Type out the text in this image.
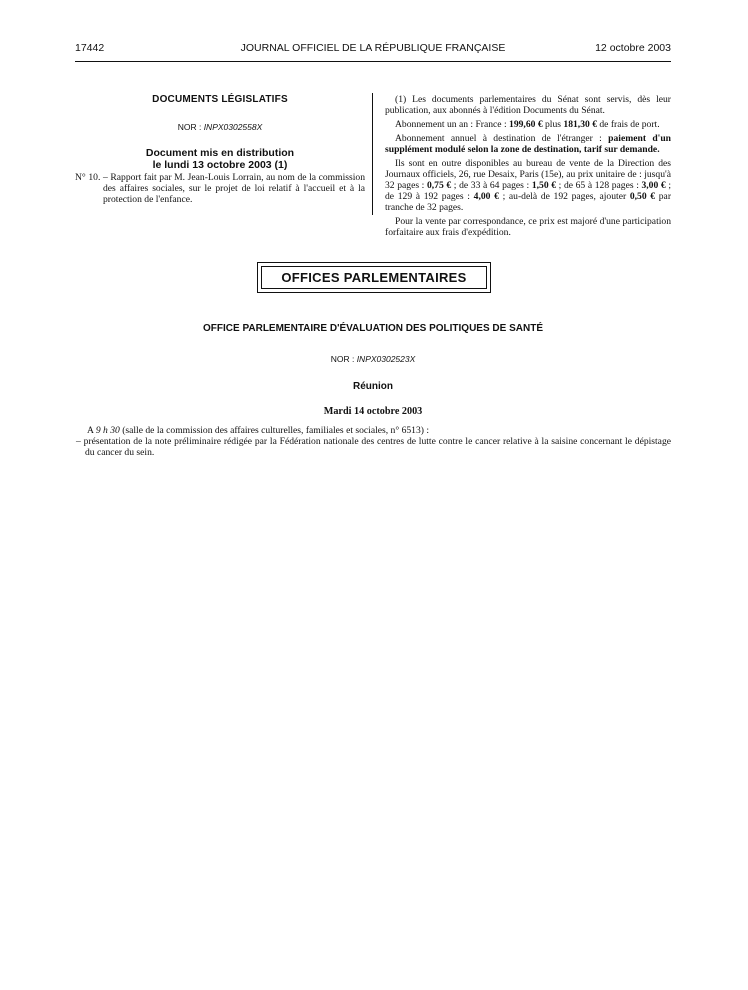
17442	JOURNAL OFFICIEL DE LA RÉPUBLIQUE FRANÇAISE	12 octobre 2003
DOCUMENTS LÉGISLATIFS
NOR : INPX0302558X
Document mis en distribution
le lundi 13 octobre 2003 (1)
N° 10. – Rapport fait par M. Jean-Louis Lorrain, au nom de la commission des affaires sociales, sur le projet de loi relatif à l'accueil et à la protection de l'enfance.

(1) Les documents parlementaires du Sénat sont servis, dès leur publication, aux abonnés à l'édition Documents du Sénat.

Abonnement un an : France : 199,60 € plus 181,30 € de frais de port.

Abonnement annuel à destination de l'étranger : paiement d'un supplément modulé selon la zone de destination, tarif sur demande.

Ils sont en outre disponibles au bureau de vente de la Direction des Journaux officiels, 26, rue Desaix, Paris (15e), au prix unitaire de : jusqu'à 32 pages : 0,75 € ; de 33 à 64 pages : 1,50 € ; de 65 à 128 pages : 3,00 € ; de 129 à 192 pages : 4,00 € ; au-delà de 192 pages, ajouter 0,50 € par tranche de 32 pages.

Pour la vente par correspondance, ce prix est majoré d'une participation forfaitaire aux frais d'expédition.

OFFICES PARLEMENTAIRES
OFFICE PARLEMENTAIRE D'ÉVALUATION DES POLITIQUES DE SANTÉ
NOR : INPX0302523X
Réunion
Mardi 14 octobre 2003
A 9 h 30 (salle de la commission des affaires culturelles, familiales et sociales, n° 6513) :
– présentation de la note préliminaire rédigée par la Fédération nationale des centres de lutte contre le cancer relative à la saisine concernant le dépistage du cancer du sein.
